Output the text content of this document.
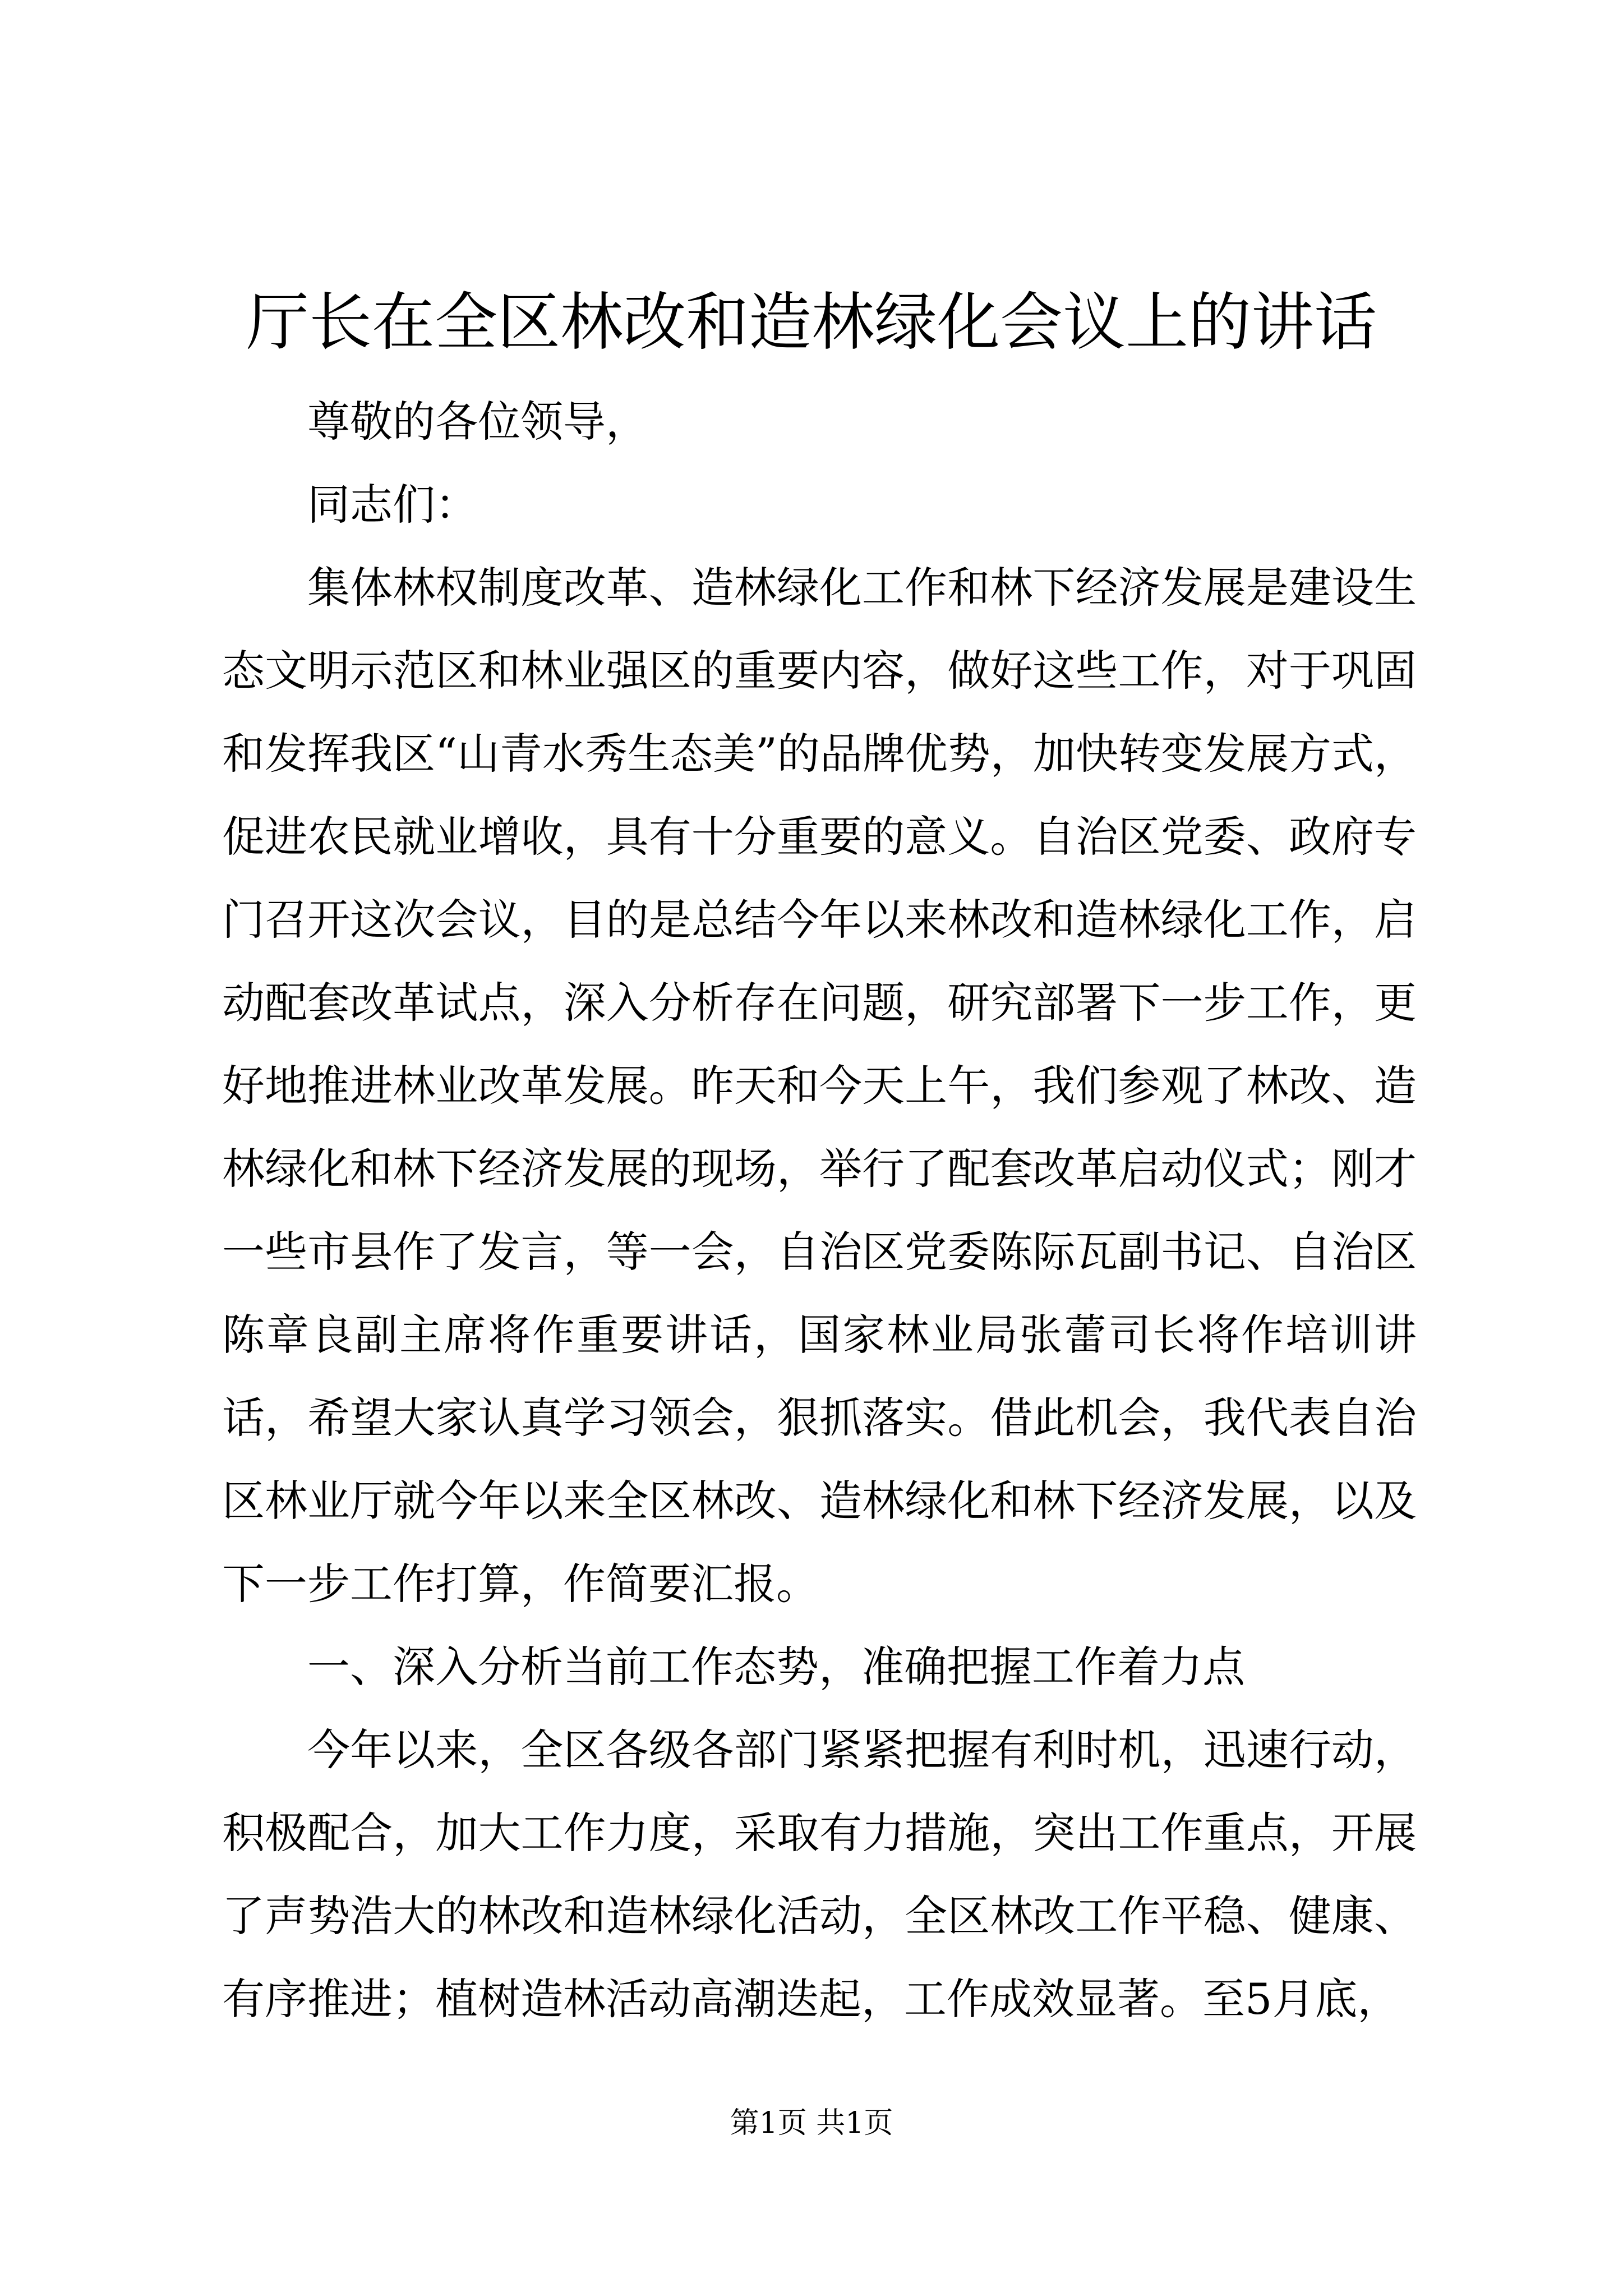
厅长在全区林改和造林绿化会议上的讲话

尊敬的各位领导，

同志们：

集体林权制度改革、造林绿化工作和林下经济发展是建设生态文明示范区和林业强区的重要内容，做好这些工作，对于巩固和发挥我区“山青水秀生态美”的品牌优势，加快转变发展方式，促进农民就业增收，具有十分重要的意义。自治区党委、政府专门召开这次会议，目的是总结今年以来林改和造林绿化工作，启动配套改革试点，深入分析存在问题，研究部署下一步工作，更好地推进林业改革发展。昨天和今天上午，我们参观了林改、造林绿化和林下经济发展的现场，举行了配套改革启动仪式；刚才一些市县作了发言，等一会，自治区党委陈际瓦副书记、自治区陈章良副主席将作重要讲话，国家林业局张蕾司长将作培训讲话，希望大家认真学习领会，狠抓落实。借此机会，我代表自治区林业厅就今年以来全区林改、造林绿化和林下经济发展，以及下一步工作打算，作简要汇报。

一、深入分析当前工作态势，准确把握工作着力点

今年以来，全区各级各部门紧紧把握有利时机，迅速行动，积极配合，加大工作力度，采取有力措施，突出工作重点，开展了声势浩大的林改和造林绿化活动，全区林改工作平稳、健康、有序推进；植树造林活动高潮迭起，工作成效显著。至5月底，

第1页 共1页
